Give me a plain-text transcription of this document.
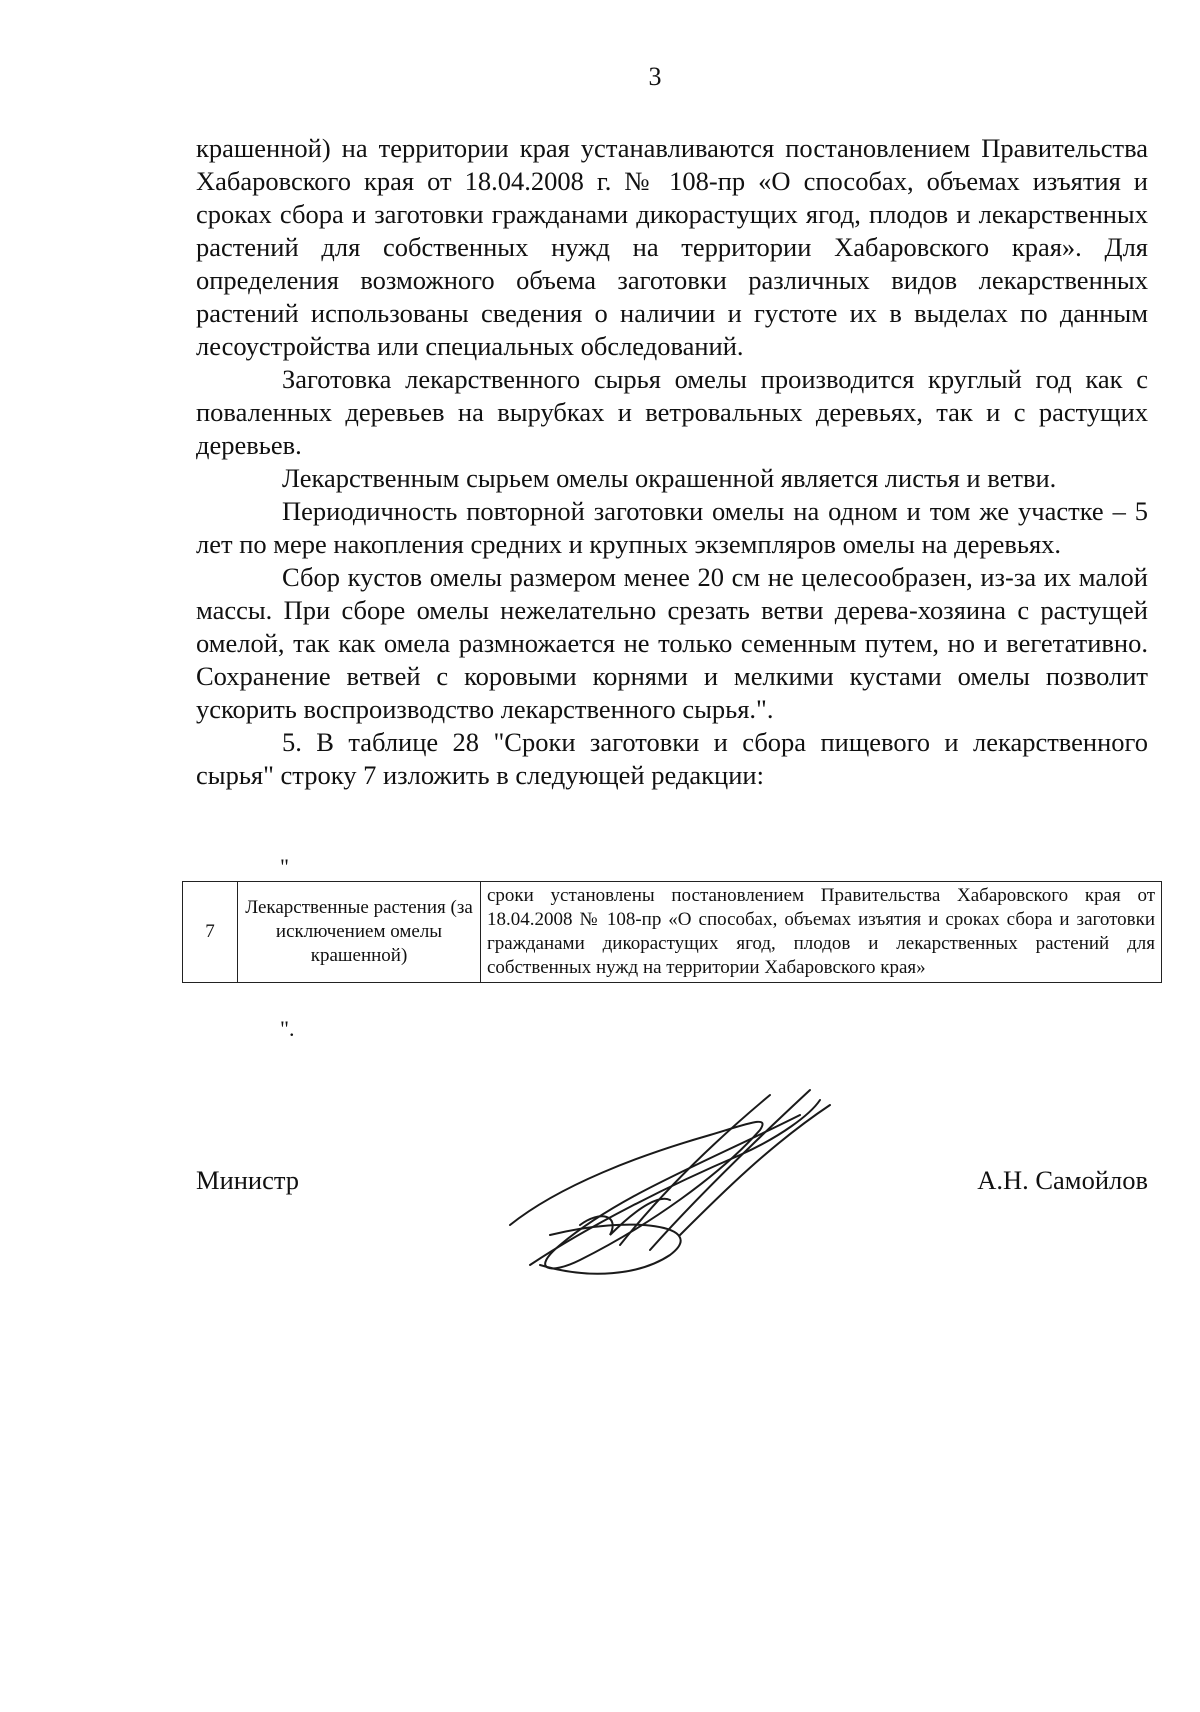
3

крашенной) на территории края устанавливаются постановлением Правительства Хабаровского края от 18.04.2008 г. № 108-пр «О способах, объемах изъятия и сроках сбора и заготовки гражданами дикорастущих ягод, плодов и лекарственных растений для собственных нужд на территории Хабаровского края». Для определения возможного объема заготовки различных видов лекарственных растений использованы сведения о наличии и густоте их в выделах по данным лесоустройства или специальных обследований.

Заготовка лекарственного сырья омелы производится круглый год как с поваленных деревьев на вырубках и ветровальных деревьях, так и с растущих деревьев.

Лекарственным сырьем омелы окрашенной является листья и ветви.

Периодичность повторной заготовки омелы на одном и том же участке – 5 лет по мере накопления средних и крупных экземпляров омелы на деревьях.

Сбор кустов омелы размером менее 20 см не целесообразен, из-за их малой массы. При сборе омелы нежелательно срезать ветви дерева-хозяина с растущей омелой, так как омела размножается не только семенным путем, но и вегетативно. Сохранение ветвей с коровыми корнями и мелкими кустами омелы позволит ускорить воспроизводство лекарственного сырья.".

5. В таблице 28 "Сроки заготовки и сбора пищевого и лекарственного сырья" строку 7 изложить в следующей редакции:

"
7	Лекарственные растения (за исключением омелы крашенной)	сроки установлены постановлением Правительства Хабаровского края от 18.04.2008 № 108-пр «О способах, объемах изъятия и сроках сбора и заготовки гражданами дикорастущих ягод, плодов и лекарственных растений для собственных нужд на территории Хабаровского края»
".
Министр	А.Н. Самойлов
